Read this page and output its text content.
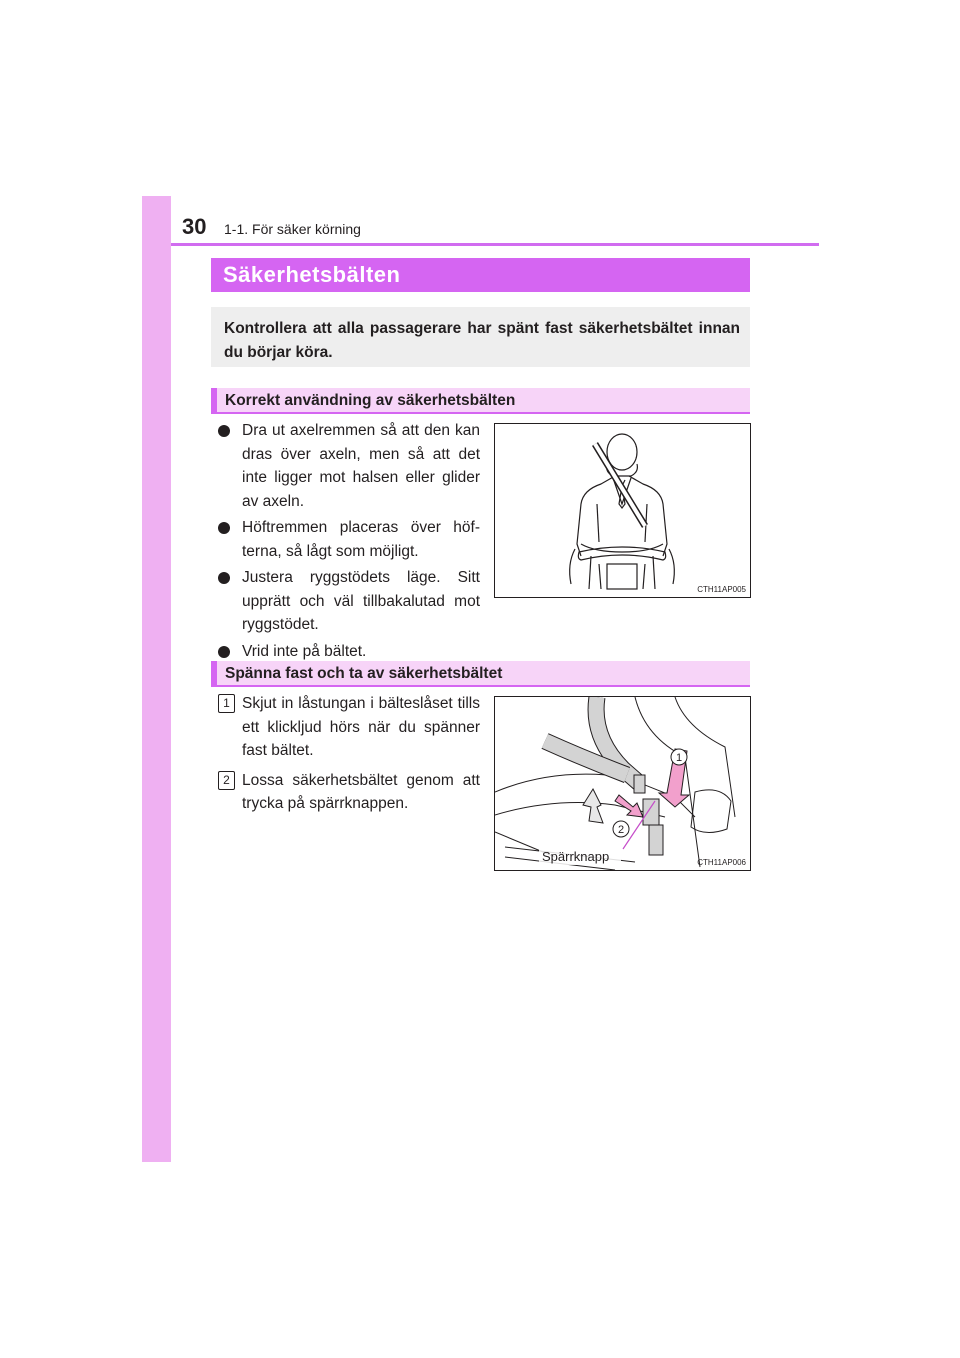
30 1-1. För säker körning
Säkerhetsbälten

Kontrollera att alla passagerare har spänt fast säkerhetsbältet innan du börjar köra.

Korrekt användning av säkerhetsbälten
Dra ut axelremmen så att den kan dras över axeln, men så att det inte ligger mot halsen eller glider av axeln.
Höftremmen placeras över höf-terna, så lågt som möjligt.
Justera ryggstödets läge. Sitt upprätt och väl tillbakalutad mot ryggstödet.
Vrid inte på bältet.
CTH11AP005
Spänna fast och ta av säkerhetsbältet
1 Skjut in låstungan i bälteslåset tills ett klickljud hörs när du spänner fast bältet.
2 Lossa säkerhetsbältet genom att trycka på spärrknappen.
1
2
Spärrknapp	CTH11AP006
